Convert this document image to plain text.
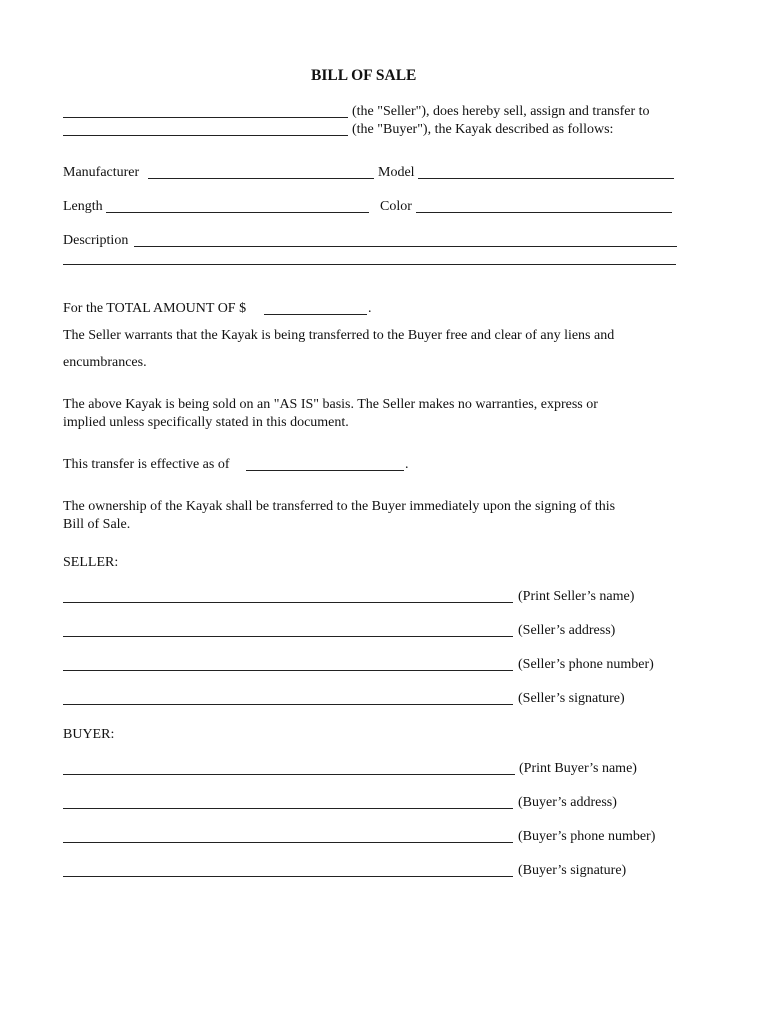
BILL OF SALE
(the "Seller"), does hereby sell, assign and transfer to
(the "Buyer"), the Kayak described as follows:
Manufacturer	Model
Length	Color
Description
For the TOTAL AMOUNT OF $	.
The Seller warrants that the Kayak is being transferred to the Buyer free and clear of any liens and
encumbrances.
The above Kayak is being sold on an "AS IS" basis. The Seller makes no warranties, express or
implied unless specifically stated in this document.
This transfer is effective as of	.
The ownership of the Kayak shall be transferred to the Buyer immediately upon the signing of this
Bill of Sale.
SELLER:
(Print Seller’s name)
(Seller’s address)
(Seller’s phone number)
(Seller’s signature)
BUYER:
(Print Buyer’s name)
(Buyer’s address)
(Buyer’s phone number)
(Buyer’s signature)
